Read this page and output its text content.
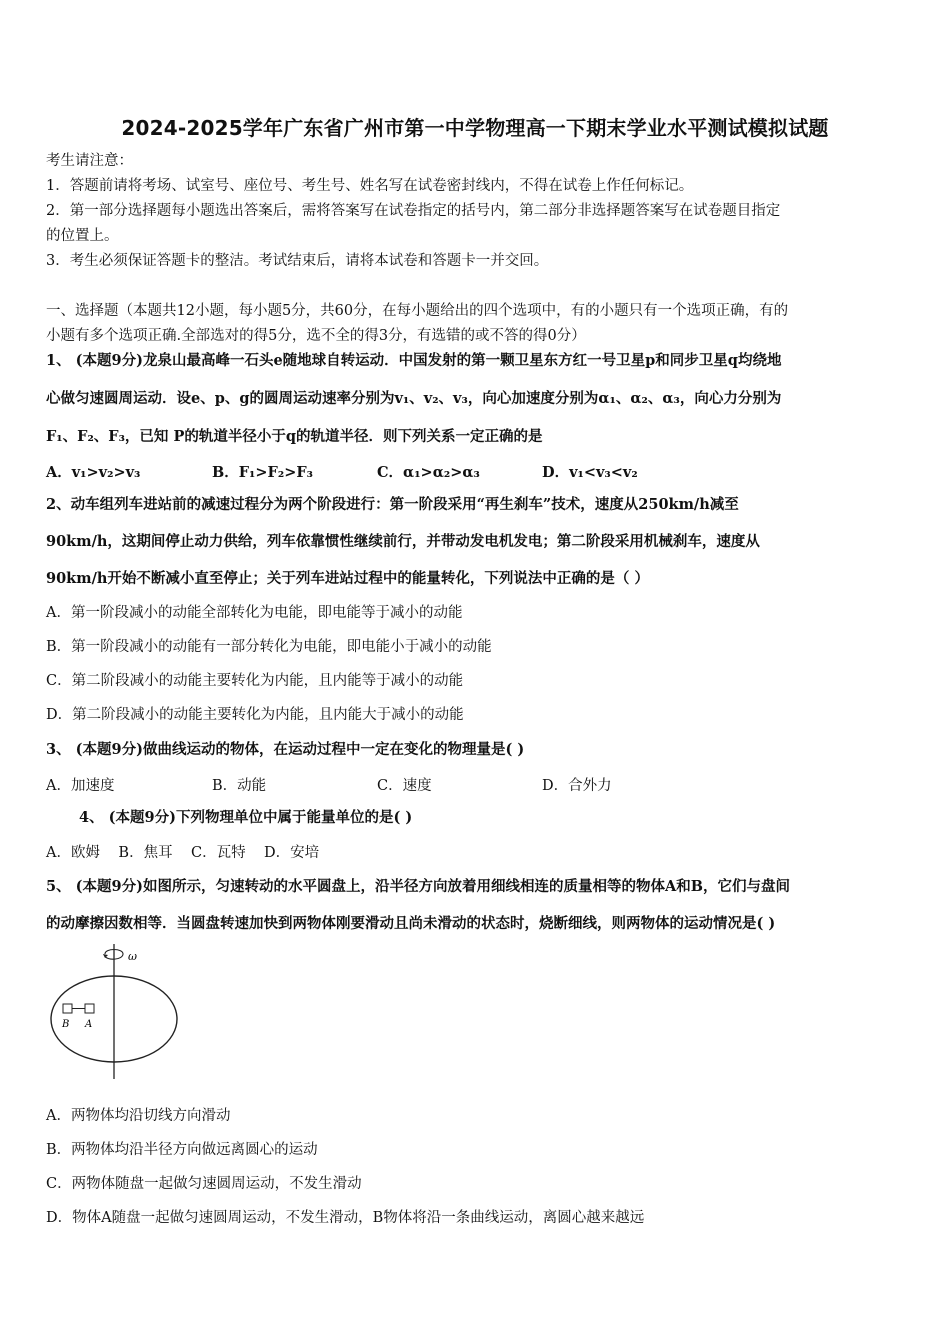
2024-2025学年广东省广州市第一中学物理高一下期末学业水平测试模拟试题
考生请注意：
1．答题前请将考场、试室号、座位号、考生号、姓名写在试卷密封线内，不得在试卷上作任何标记。
2．第一部分选择题每小题选出答案后，需将答案写在试卷指定的括号内，第二部分非选择题答案写在试卷题目指定
的位置上。
3．考生必须保证答题卡的整洁。考试结束后，请将本试卷和答题卡一并交回。
一、选择题（本题共12小题，每小题5分，共60分，在每小题给出的四个选项中，有的小题只有一个选项正确，有的
小题有多个选项正确.全部选对的得5分，选不全的得3分，有选错的或不答的得0分）
1、 (本题9分)龙泉山最高峰一石头e随地球自转运动．中国发射的第一颗卫星东方红一号卫星p和同步卫星q均绕地
心做匀速圆周运动．设e、p、g的圆周运动速率分别为v₁、v₂、v₃，向心加速度分别为α₁、α₂、α₃，向心力分别为
F₁、F₂、F₃，已知 P的轨道半径小于q的轨道半径．则下列关系一定正确的是
A．v₁>v₂>v₃	B．F₁>F₂>F₃	C．α₁>α₂>α₃	D．v₁<v₃<v₂
2、动车组列车进站前的减速过程分为两个阶段进行：第一阶段采用“再生刹车”技术，速度从250km/h减至
90km/h，这期间停止动力供给，列车依靠惯性继续前行，并带动发电机发电；第二阶段采用机械刹车，速度从
90km/h开始不断减小直至停止；关于列车进站过程中的能量转化，下列说法中正确的是（ ）
A．第一阶段减小的动能全部转化为电能，即电能等于减小的动能
B．第一阶段减小的动能有一部分转化为电能，即电能小于减小的动能
C．第二阶段减小的动能主要转化为内能，且内能等于减小的动能
D．第二阶段减小的动能主要转化为内能，且内能大于减小的动能
3、 (本题9分)做曲线运动的物体，在运动过程中一定在变化的物理量是( )
A．加速度	B．动能	C．速度	D．合外力
4、 (本题9分)下列物理单位中属于能量单位的是( )
A．欧姆    B．焦耳    C．瓦特    D．安培
5、 (本题9分)如图所示，匀速转动的水平圆盘上，沿半径方向放着用细线相连的质量相等的物体A和B，它们与盘间
的动摩擦因数相等．当圆盘转速加快到两物体刚要滑动且尚未滑动的状态时，烧断细线，则两物体的运动情况是( )
ω
B A
A．两物体均沿切线方向滑动
B．两物体均沿半径方向做远离圆心的运动
C．两物体随盘一起做匀速圆周运动，不发生滑动
D．物体A随盘一起做匀速圆周运动，不发生滑动，B物体将沿一条曲线运动，离圆心越来越远
